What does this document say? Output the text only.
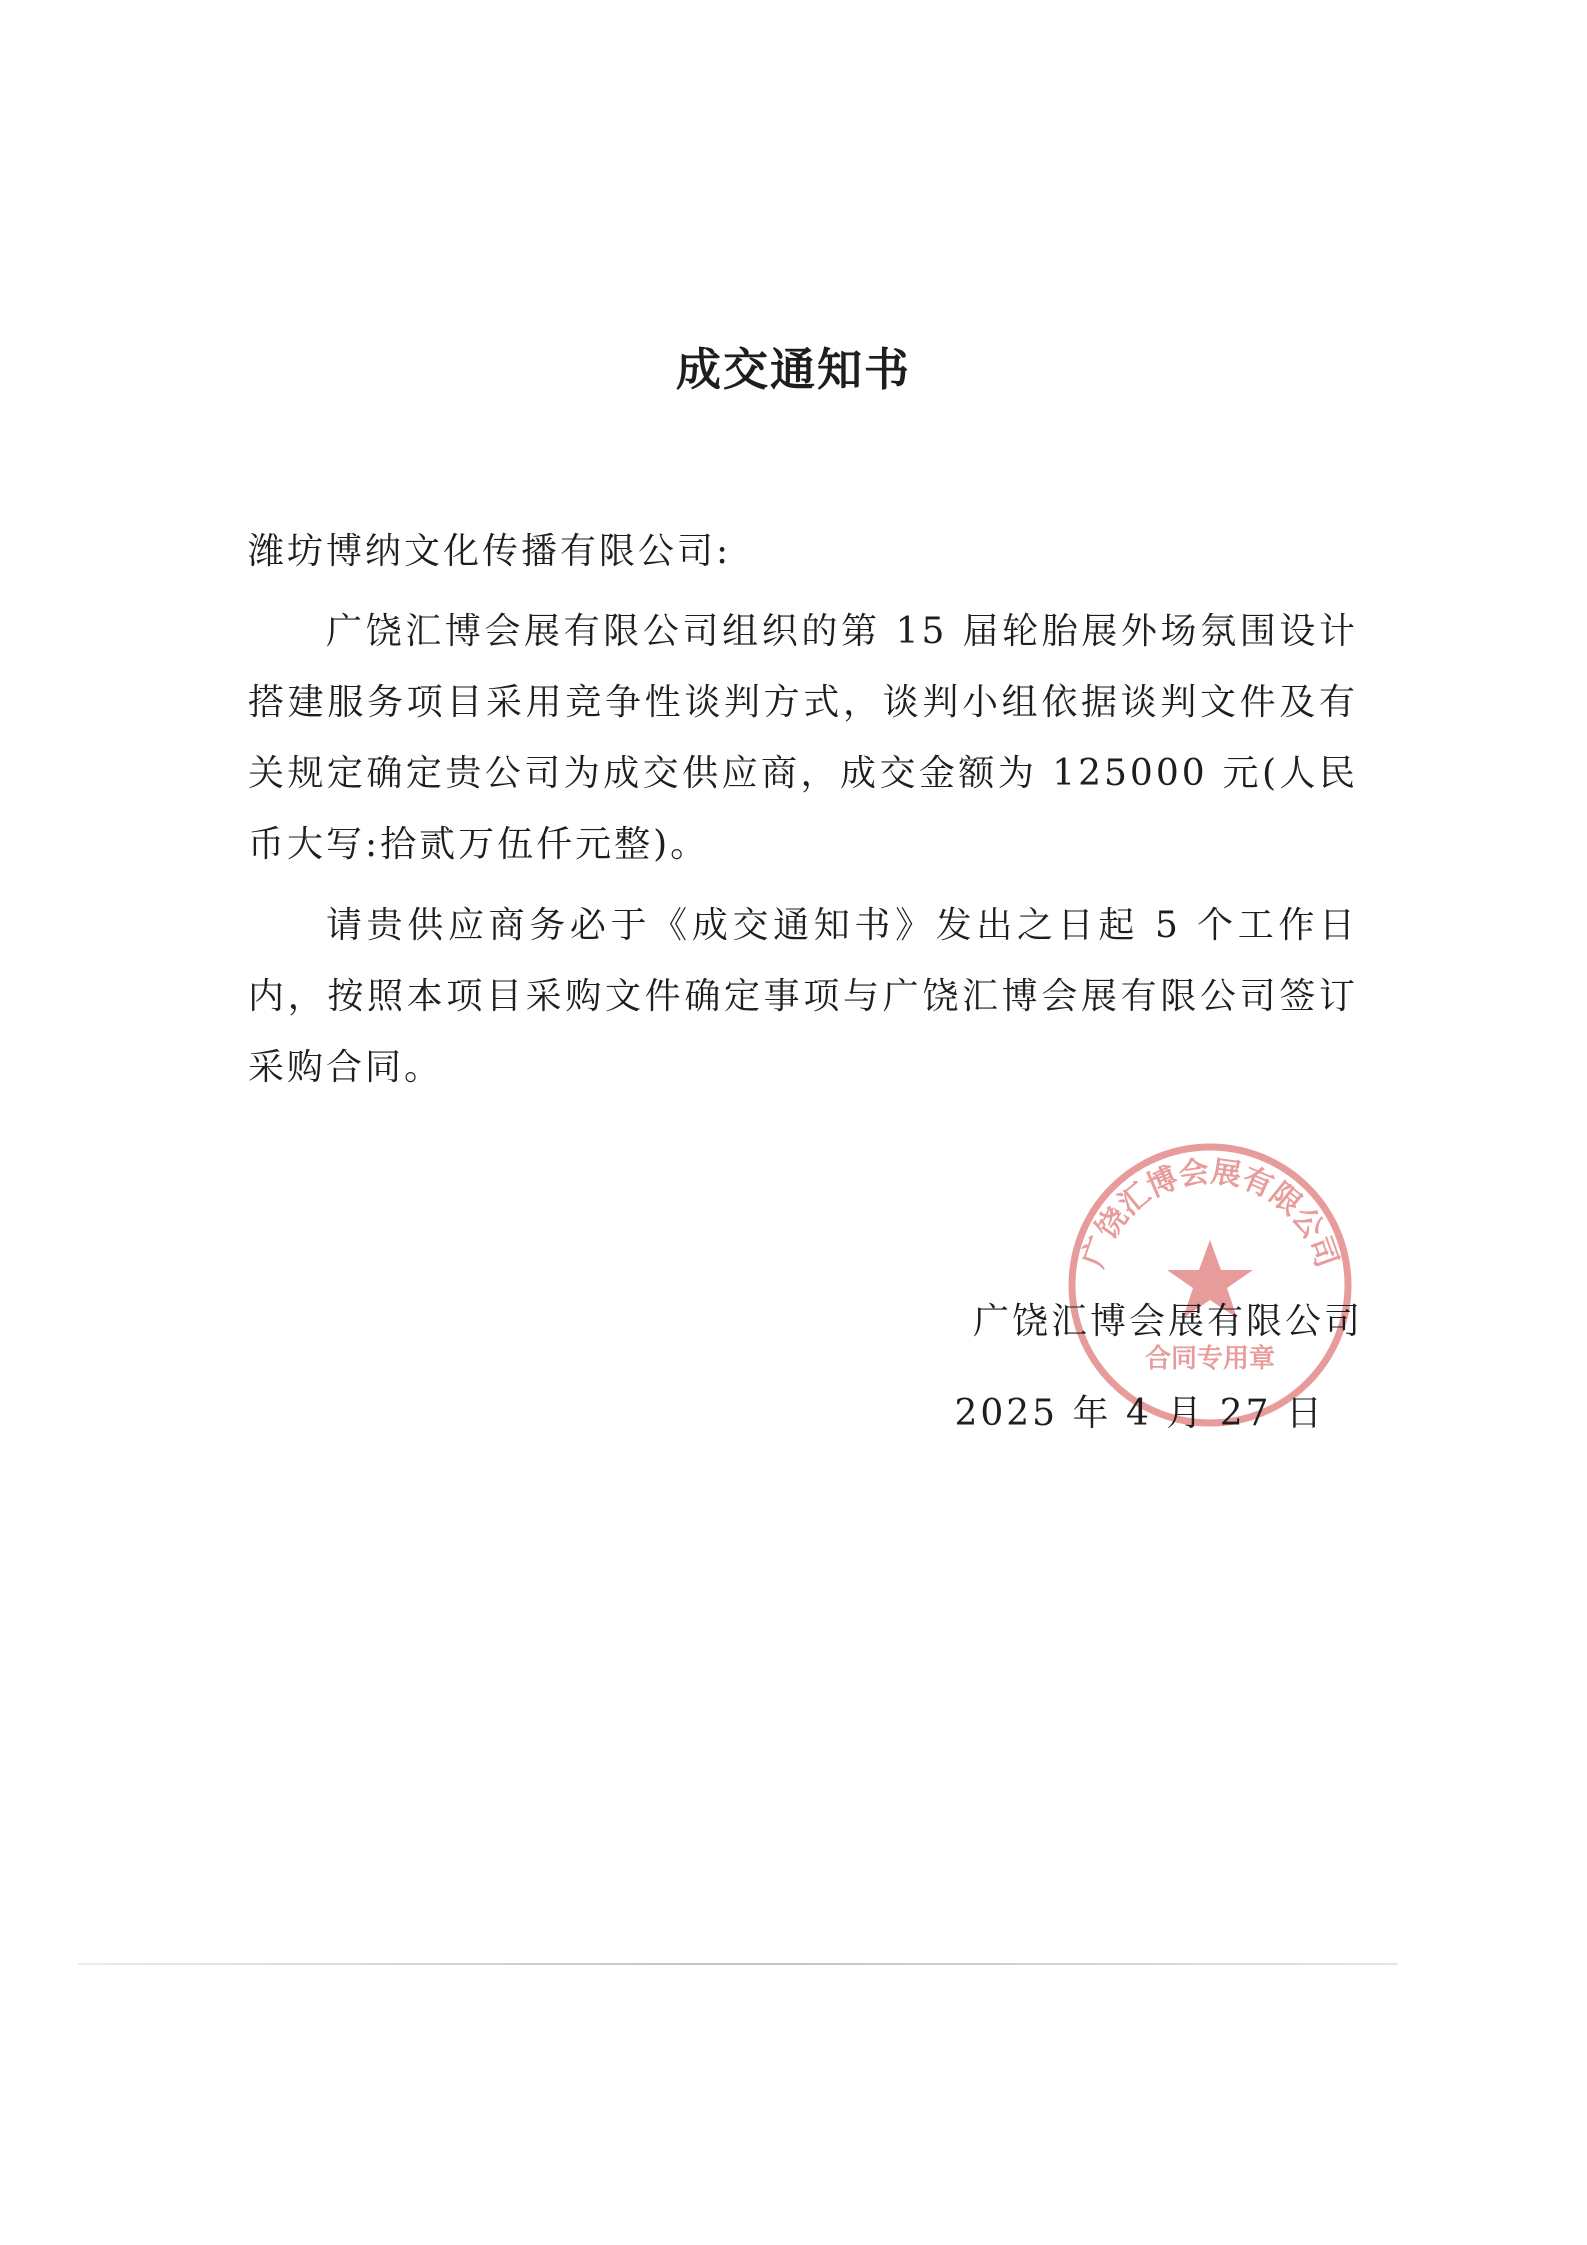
成交通知书
潍坊博纳文化传播有限公司:

广饶汇博会展有限公司组织的第 15 届轮胎展外场氛围设计搭建服务项目采用竞争性谈判方式，谈判小组依据谈判文件及有关规定确定贵公司为成交供应商，成交金额为 125000 元(人民币大写:拾贰万伍仟元整)。

请贵供应商务必于《成交通知书》发出之日起 5 个工作日内，按照本项目采购文件确定事项与广饶汇博会展有限公司签订采购合同。

广饶汇博会展有限公司
合同专用章
广饶汇博会展有限公司
2025 年 4 月 27 日
